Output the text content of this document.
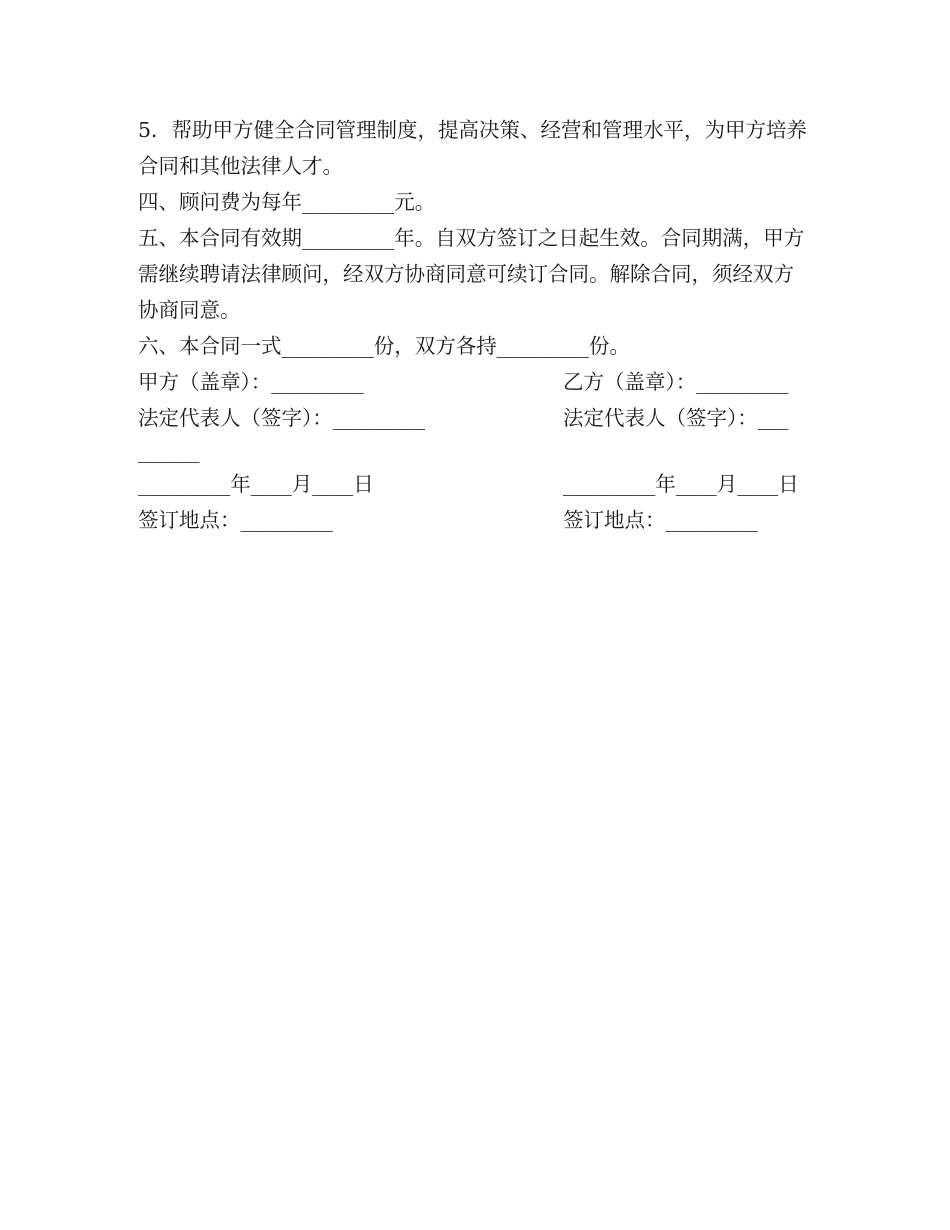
5．帮助甲方健全合同管理制度，提高决策、经营和管理水平，为甲方培养合同和其他法律人才。

四、顾问费为每年_________元。

五、本合同有效期_________年。自双方签订之日起生效。合同期满，甲方需继续聘请法律顾问，经双方协商同意可续订合同。解除合同，须经双方协商同意。

六、本合同一式_________份，双方各持_________份。

甲方（盖章）：_________	乙方（盖章）：_________
法定代表人（签字）：_________	法定代表人（签字）：___
______
_________年____月____日	_________年____月____日
签订地点：_________	签订地点：_________
